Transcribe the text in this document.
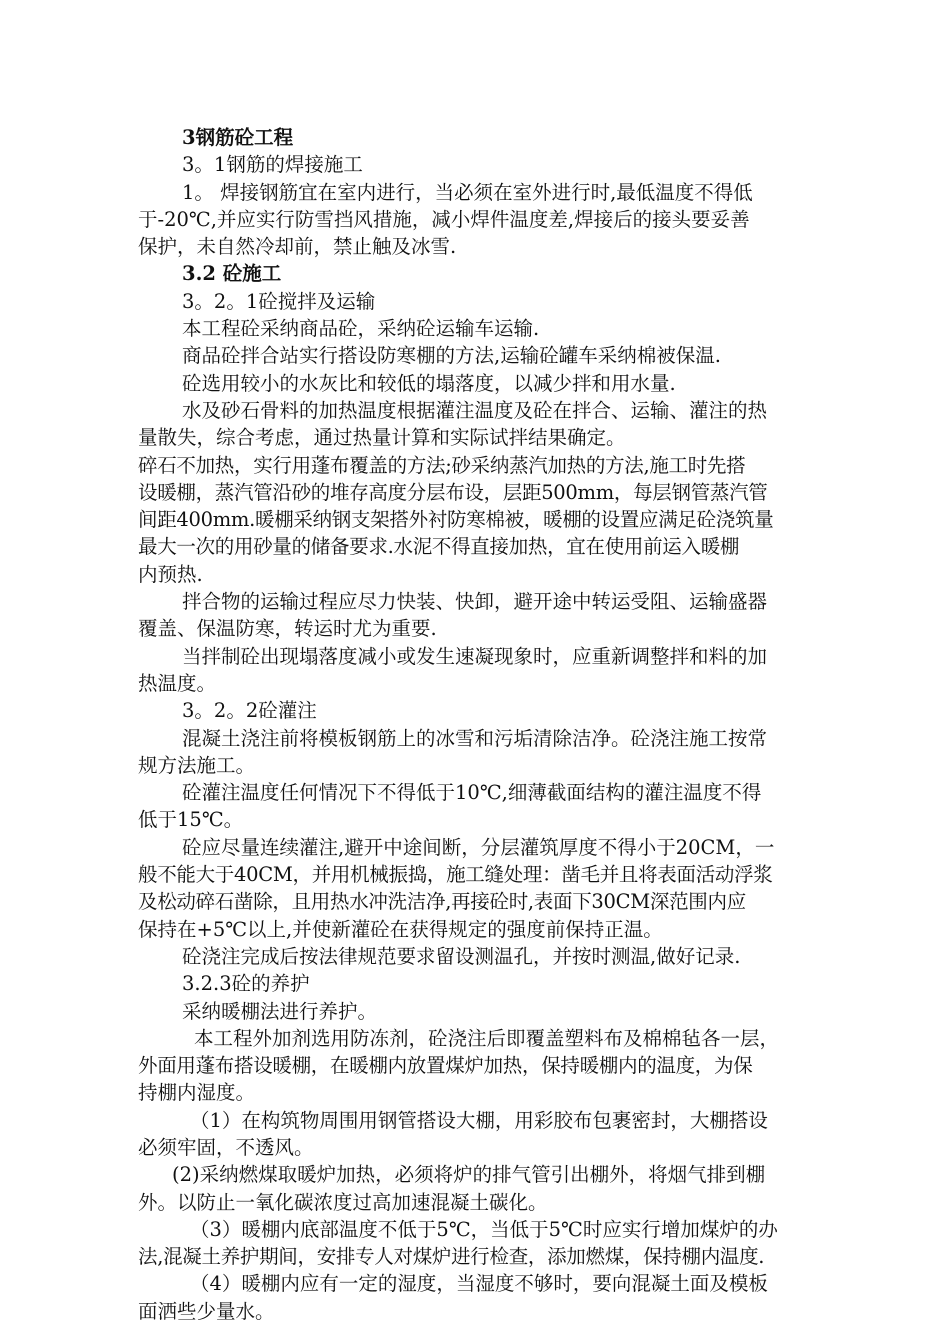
3钢筋砼工程
3。1钢筋的焊接施工
1。 焊接钢筋宜在室内进行，当必须在室外进行时,最低温度不得低
于-20℃,并应实行防雪挡风措施，减小焊件温度差,焊接后的接头要妥善
保护，未自然冷却前，禁止触及冰雪.
3.2 砼施工
3。2。1砼搅拌及运输
本工程砼采纳商品砼，采纳砼运输车运输.
商品砼拌合站实行搭设防寒棚的方法,运输砼罐车采纳棉被保温.
砼选用较小的水灰比和较低的塌落度，以减少拌和用水量.
水及砂石骨料的加热温度根据灌注温度及砼在拌合、运输、灌注的热
量散失，综合考虑，通过热量计算和实际试拌结果确定。
碎石不加热，实行用蓬布覆盖的方法;砂采纳蒸汽加热的方法,施工时先搭
设暖棚，蒸汽管沿砂的堆存高度分层布设，层距500mm，每层钢管蒸汽管
间距400mm.暖棚采纳钢支架搭外衬防寒棉被，暖棚的设置应满足砼浇筑量
最大一次的用砂量的储备要求.水泥不得直接加热，宜在使用前运入暖棚
内预热.
拌合物的运输过程应尽力快装、快卸，避开途中转运受阻、运输盛器
覆盖、保温防寒，转运时尤为重要.
当拌制砼出现塌落度减小或发生速凝现象时，应重新调整拌和料的加
热温度。
3。2。2砼灌注
混凝土浇注前将模板钢筋上的冰雪和污垢清除洁净。砼浇注施工按常
规方法施工。
砼灌注温度任何情况下不得低于10℃,细薄截面结构的灌注温度不得
低于15℃。
砼应尽量连续灌注,避开中途间断，分层灌筑厚度不得小于20CM，一
般不能大于40CM，并用机械振捣，施工缝处理：凿毛并且将表面活动浮浆
及松动碎石凿除，且用热水冲洗洁净,再接砼时,表面下30CM深范围内应
保持在+5℃以上,并使新灌砼在获得规定的强度前保持正温。
砼浇注完成后按法律规范要求留设测温孔，并按时测温,做好记录.
3.2.3砼的养护
采纳暖棚法进行养护。
本工程外加剂选用防冻剂，砼浇注后即覆盖塑料布及棉棉毡各一层，
外面用蓬布搭设暖棚，在暖棚内放置煤炉加热，保持暖棚内的温度，为保
持棚内湿度。
（1）在构筑物周围用钢管搭设大棚，用彩胶布包裹密封，大棚搭设
必须牢固，不透风。
(2)采纳燃煤取暖炉加热，必须将炉的排气管引出棚外，将烟气排到棚
外。以防止一氧化碳浓度过高加速混凝土碳化。
（3）暖棚内底部温度不低于5℃，当低于5℃时应实行增加煤炉的办
法,混凝土养护期间，安排专人对煤炉进行检查，添加燃煤，保持棚内温度.
（4）暖棚内应有一定的湿度，当湿度不够时，要向混凝土面及模板
面洒些少量水。
